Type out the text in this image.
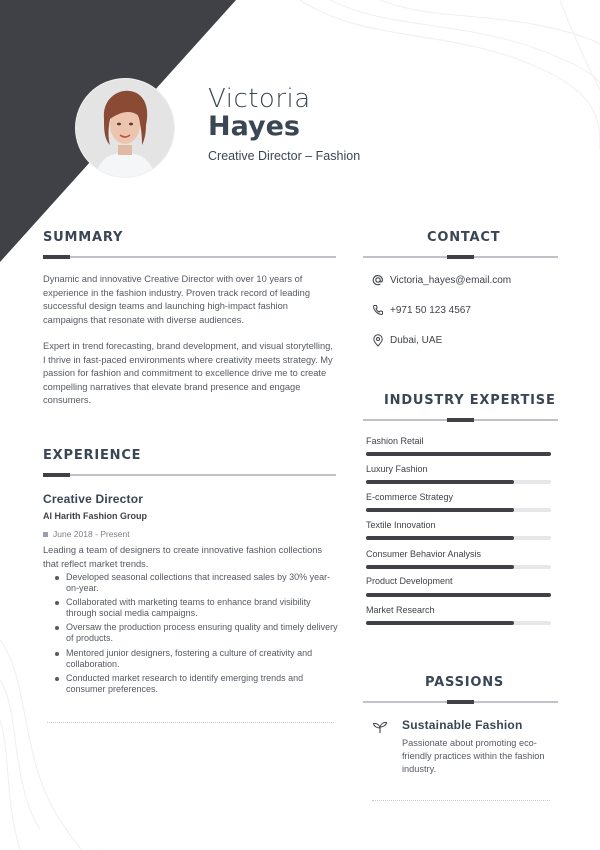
Victoria
Hayes
Creative Director – Fashion
SUMMARY
Dynamic and innovative Creative Director with over 10 years of experience in the fashion industry. Proven track record of leading successful design teams and launching high-impact fashion campaigns that resonate with diverse audiences.
Expert in trend forecasting, brand development, and visual storytelling, I thrive in fast-paced environments where creativity meets strategy. My passion for fashion and commitment to excellence drive me to create compelling narratives that elevate brand presence and engage consumers.
CONTACT
Victoria_hayes@email.com
+971 50 123 4567
Dubai, UAE
EXPERIENCE
Creative Director
Al Harith Fashion Group
June 2018 - Present
Leading a team of designers to create innovative fashion collections that reflect market trends.
Developed seasonal collections that increased sales by 30% year-on-year.
Collaborated with marketing teams to enhance brand visibility through social media campaigns.
Oversaw the production process ensuring quality and timely delivery of products.
Mentored junior designers, fostering a culture of creativity and collaboration.
Conducted market research to identify emerging trends and consumer preferences.
INDUSTRY EXPERTISE
Fashion Retail
Luxury Fashion
E-commerce Strategy
Textile Innovation
Consumer Behavior Analysis
Product Development
Market Research
PASSIONS
Sustainable Fashion
Passionate about promoting eco-friendly practices within the fashion industry.
